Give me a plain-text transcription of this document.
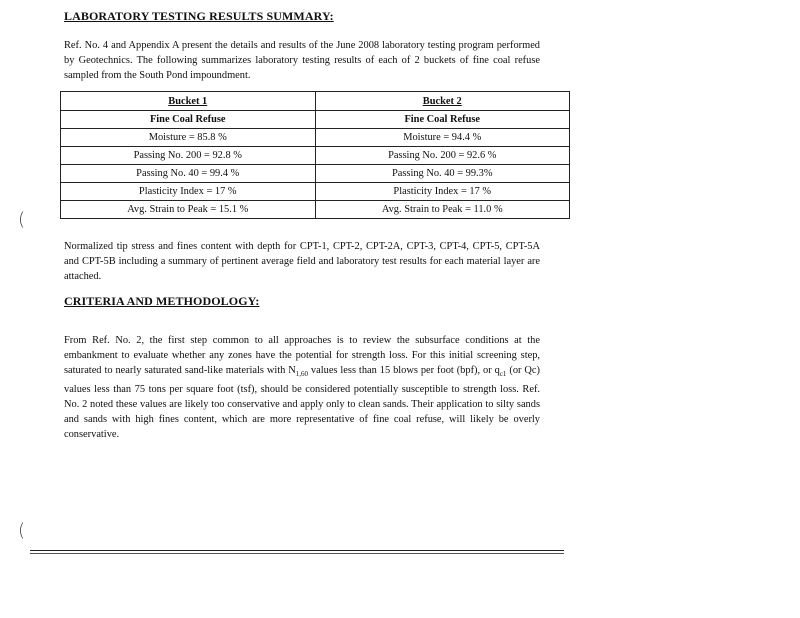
LABORATORY TESTING RESULTS SUMMARY:

Ref. No. 4 and Appendix A present the details and results of the June 2008 laboratory testing program performed by Geotechnics. The following summarizes laboratory testing results of each of 2 buckets of fine coal refuse sampled from the South Pond impoundment.

Bucket 1	Bucket 2
Fine Coal Refuse	Fine Coal Refuse
Moisture = 85.8 %	Moisture = 94.4 %
Passing No. 200 = 92.8 %	Passing No. 200 = 92.6 %
Passing No. 40 = 99.4 %	Passing No. 40 = 99.3%
Plasticity Index = 17 %	Plasticity Index = 17 %
Avg. Strain to Peak = 15.1 %	Avg. Strain to Peak = 11.0 %

Normalized tip stress and fines content with depth for CPT-1, CPT-2, CPT-2A, CPT-3, CPT-4, CPT-5, CPT-5A and CPT-5B including a summary of pertinent average field and laboratory test results for each material layer are attached.

CRITERIA AND METHODOLOGY:

From Ref. No. 2, the first step common to all approaches is to review the subsurface conditions at the embankment to evaluate whether any zones have the potential for strength loss. For this initial screening step, saturated to nearly saturated sand-like materials with $N_{1,60}$ values less than 15 blows per foot (bpf), or $q_{c1}$ (or Qc) values less than 75 tons per square foot (tsf), should be considered potentially susceptible to strength loss. Ref. No. 2 noted these values are likely too conservative and apply only to clean sands. Their application to silty sands and sands with high fines content, which are more representative of fine coal refuse, will likely be overly conservative.

(
(
